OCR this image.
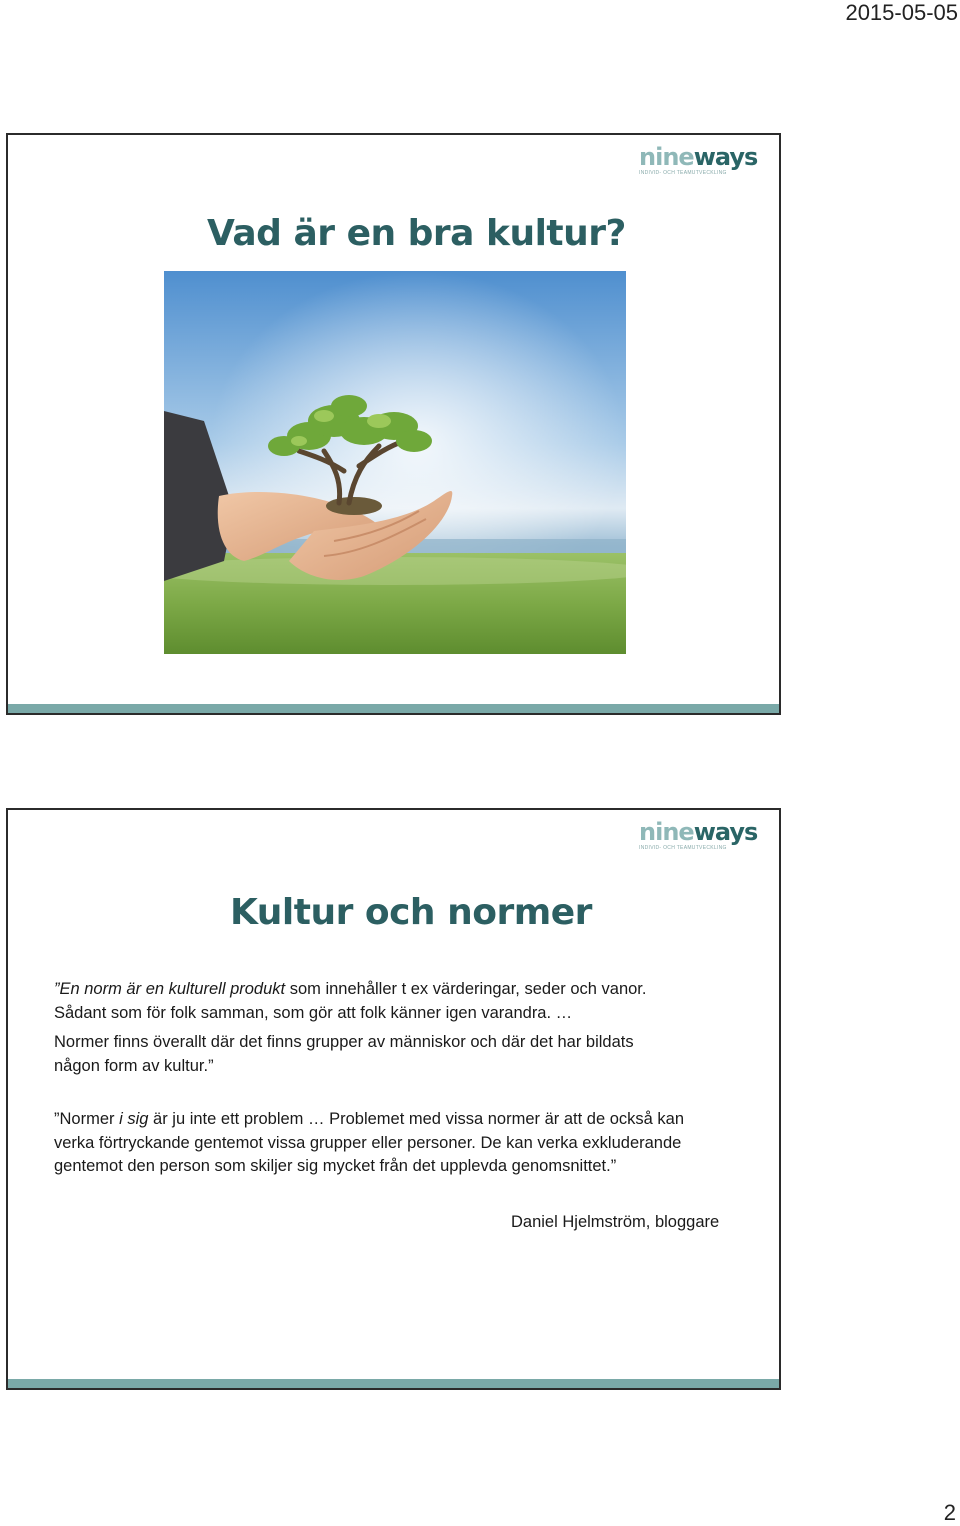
2015-05-05
nineways
INDIVID- OCH TEAMUTVECKLING
Vad är en bra kultur?
nineways
INDIVID- OCH TEAMUTVECKLING
Kultur och normer

”En norm är en kulturell produkt som innehåller t ex värderingar, seder och vanor.

Sådant som för folk samman, som gör att folk känner igen varandra. …

Normer finns överallt där det finns grupper av människor och där det har bildats

någon form av kultur.”

”Normer i sig är ju inte ett problem … Problemet med vissa normer är att de också kan

verka förtryckande gentemot vissa grupper eller personer. De kan verka exkluderande

gentemot den person som skiljer sig mycket från det upplevda genomsnittet.”

Daniel Hjelmström, bloggare
2
